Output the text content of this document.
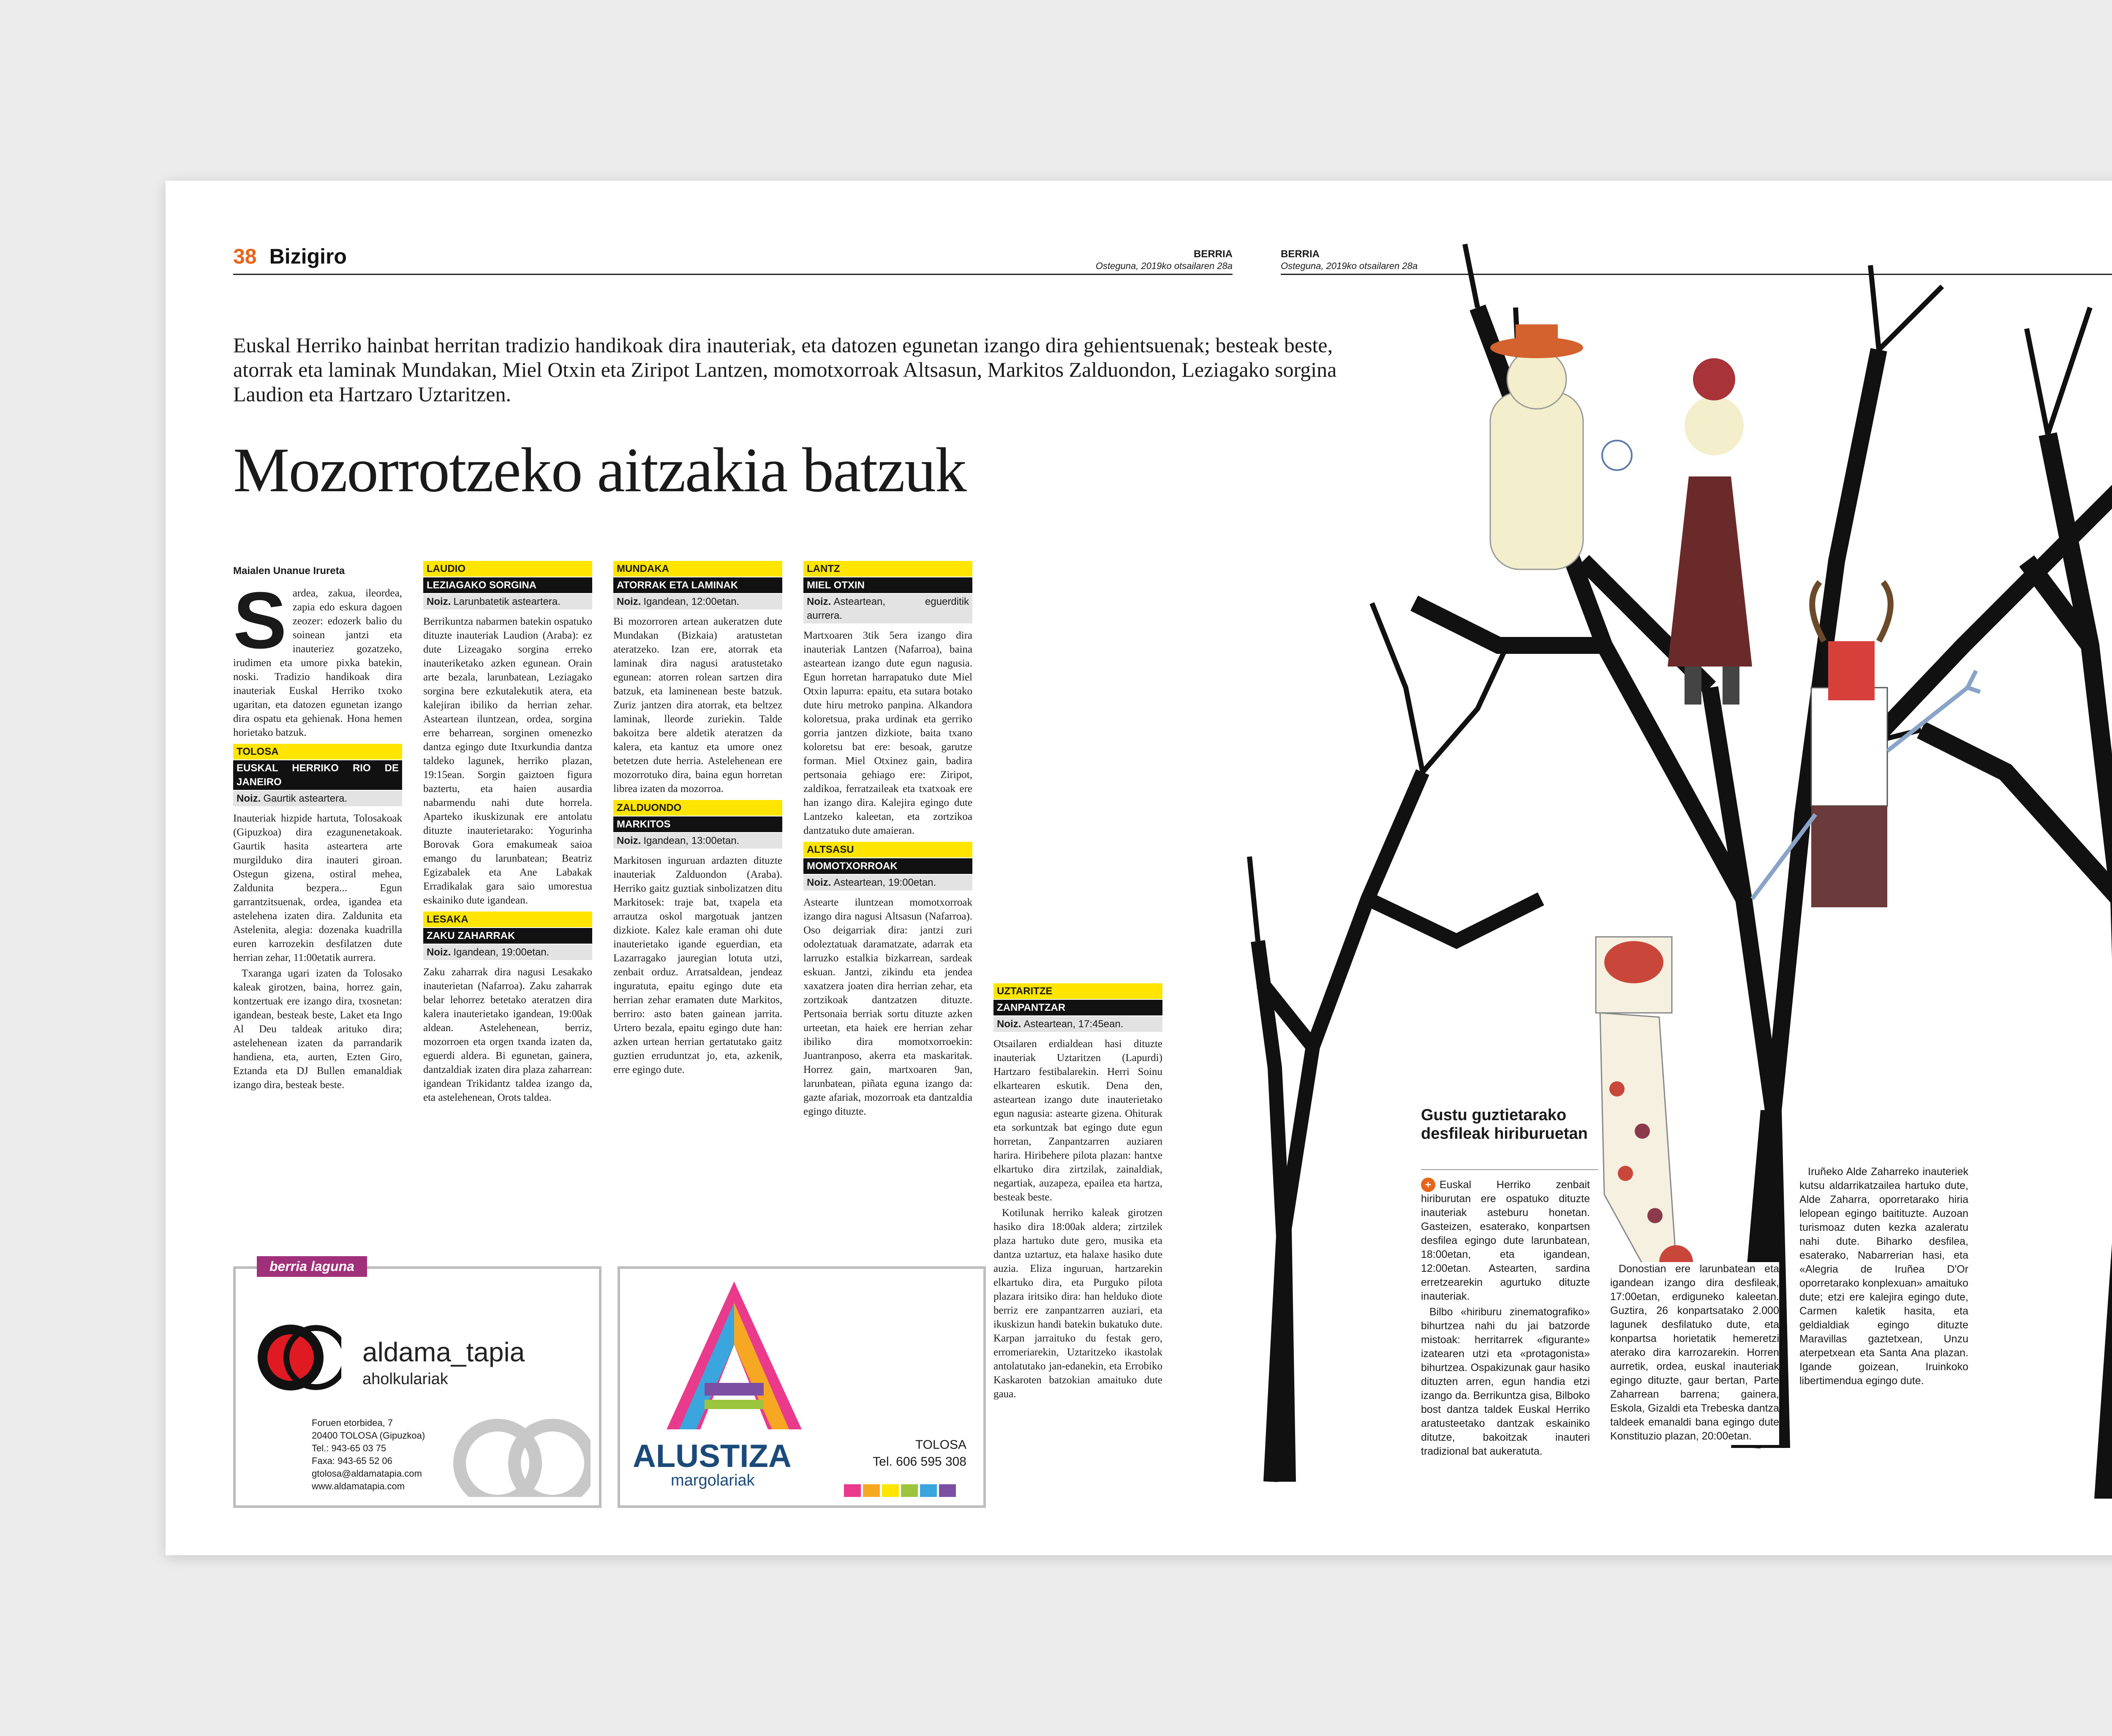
38 Bizigiro	BERRIA
Osteguna, 2019ko otsailaren 28a
Euskal Herriko hainbat herritan tradizio handikoak dira inauteriak, eta datozen egunetan izango dira gehientsuenak; besteak beste, atorrak eta laminak Mundakan, Miel Otxin eta Ziripot Lantzen, momotxorroak Altsasun, Markitos Zalduondon, Leziagako sorgina Laudion eta Hartzaro Uztaritzen.
Mozorrotzeko aitzakia batzuk
Maialen Unanue Irureta

Sardea, zakua, ileordea, zapia edo eskura dagoen zeozer: edozerk balio du soinean jantzi eta inauteriez gozatzeko, irudimen eta umore pixka batekin, noski. Tradizio handikoak dira inauteriak Euskal Herriko txoko ugaritan, eta datozen egunetan izango dira ospatu eta gehienak. Hona hemen horietako batzuk.

TOLOSA
EUSKAL HERRIKO RIO DE JANEIRO
Noiz. Gaurtik asteartera.

Inauteriak hizpide hartuta, Tolosakoak (Gipuzkoa) dira ezagunenetakoak. Gaurtik hasita asteartera arte murgilduko dira inauteri giroan. Ostegun gizena, ostiral mehea, Zaldunita bezpera... Egun garrantzitsuenak, ordea, igandea eta astelehena izaten dira. Zaldunita eta Astelenita, alegia: dozenaka kuadrilla euren karrozekin desfilatzen dute herrian zehar, 11:00etatik aurrera.

Txaranga ugari izaten da Tolosako kaleak girotzen, baina, horrez gain, kontzertuak ere izango dira, txosnetan: igandean, besteak beste, Laket eta Ingo Al Deu taldeak arituko dira; astelehenean izaten da parrandarik handiena, eta, aurten, Ezten Giro, Eztanda eta DJ Bullen emanaldiak izango dira, besteak beste.

LAUDIO
LEZIAGAKO SORGINA
Noiz. Larunbatetik asteartera.

Berrikuntza nabarmen batekin ospatuko dituzte inauteriak Laudion (Araba): ez dute Lizeagako sorgina erreko inauteriketako azken egunean. Orain arte bezala, larunbatean, Leziagako sorgina bere ezkutalekutik atera, eta kalejiran ibiliko da herrian zehar. Asteartean iluntzean, ordea, sorgina erre beharrean, sorginen omenezko dantza egingo dute Itxurkundia dantza taldeko lagunek, herriko plazan, 19:15ean. Sorgin gaiztoen figura baztertu, eta haien ausardia nabarmendu nahi dute horrela. Aparteko ikuskizunak ere antolatu dituzte inauterietarako: Yogurinha Borovak Gora emakumeak saioa emango du larunbatean; Beatriz Egizabalek eta Ane Labakak Erradikalak gara saio umorestua eskainiko dute igandean.

LESAKA
ZAKU ZAHARRAK
Noiz. Igandean, 19:00etan.

Zaku zaharrak dira nagusi Lesakako inauterietan (Nafarroa). Zaku zaharrak belar lehorrez betetako ateratzen dira kalera inauterietako igandean, 19:00ak aldean. Astelehenean, berriz, mozorroen eta orgen txanda izaten da, eguerdi aldera. Bi egunetan, gainera, dantzaldiak izaten dira plaza zaharrean: igandean Trikidantz taldea izango da, eta astelehenean, Orots taldea.

MUNDAKA
ATORRAK ETA LAMINAK
Noiz. Igandean, 12:00etan.

Bi mozorroren artean aukeratzen dute Mundakan (Bizkaia) aratustetan ateratzeko. Izan ere, atorrak eta laminak dira nagusi aratustetako egunean: atorren rolean sartzen dira batzuk, eta laminenean beste batzuk. Zuriz jantzen dira atorrak, eta beltzez laminak, lleorde zuriekin. Talde bakoitza bere aldetik ateratzen da kalera, eta kantuz eta umore onez betetzen dute herria. Astelehenean ere mozorrotuko dira, baina egun horretan librea izaten da mozorroa.

ZALDUONDO
MARKITOS
Noiz. Igandean, 13:00etan.

Markitosen inguruan ardazten dituzte inauteriak Zalduondon (Araba). Herriko gaitz guztiak sinbolizatzen ditu Markitosek: traje bat, txapela eta arrautza oskol margotuak jantzen dizkiote. Kalez kale eraman ohi dute inauterietako igande eguerdian, eta Lazarragako jauregian lotuta utzi, zenbait orduz. Arratsaldean, jendeaz inguratuta, epaitu egingo dute eta herrian zehar eramaten dute Markitos, berriro: asto baten gainean jarrita. Urtero bezala, epaitu egingo dute han: azken urtean herrian gertatutako gaitz guztien erruduntzat jo, eta, azkenik, erre egingo dute.

LANTZ
MIEL OTXIN
Noiz. Asteartean, eguerditik aurrera.

Martxoaren 3tik 5era izango dira inauteriak Lantzen (Nafarroa), baina asteartean izango dute egun nagusia. Egun horretan harrapatuko dute Miel Otxin lapurra: epaitu, eta sutara botako dute hiru metroko panpina. Alkandora koloretsua, praka urdinak eta gerriko gorria jantzen dizkiote, baita txano koloretsu bat ere: besoak, garutze forman. Miel Otxinez gain, badira pertsonaia gehiago ere: Ziripot, zaldikoa, ferratzaileak eta txatxoak ere han izango dira. Kalejira egingo dute Lantzeko kaleetan, eta zortzikoa dantzatuko dute amaieran.

ALTSASU
MOMOTXORROAK
Noiz. Asteartean, 19:00etan.

Astearte iluntzean momotxorroak izango dira nagusi Altsasun (Nafarroa). Oso deigarriak dira: jantzi zuri odoleztatuak daramatzate, adarrak eta larruzko estalkia bizkarrean, sardeak eskuan. Jantzi, zikindu eta jendea xaxatzera joaten dira herrian zehar, eta zortzikoak dantzatzen dituzte. Pertsonaia berriak sortu dituzte azken urteetan, eta haiek ere herrian zehar ibiliko dira momotxorroekin: Juantranposo, akerra eta maskaritak. Horrez gain, martxoaren 9an, larunbatean, piñata eguna izango da: gazte afariak, mozorroak eta dantzaldia egingo dituzte.

UZTARITZE
ZANPANTZAR
Noiz. Asteartean, 17:45ean.

Otsailaren erdialdean hasi dituzte inauteriak Uztaritzen (Lapurdi) Hartzaro festibalarekin. Herri Soinu elkartearen eskutik. Dena den, asteartean izango dute inauterietako egun nagusia: astearte gizena. Ohiturak eta sorkuntzak bat egingo dute egun horretan, Zanpantzarren auziaren harira. Hiribehere pilota plazan: hantxe elkartuko dira zirtzilak, zainaldiak, negartiak, auzapeza, epailea eta hartza, besteak beste.

Kotilunak herriko kaleak girotzen hasiko dira 18:00ak aldera; zirtzilek plaza hartuko dute gero, musika eta dantza uztartuz, eta halaxe hasiko dute auzia. Eliza inguruan, hartzarekin elkartuko dira, eta Purguko pilota plazara iritsiko dira: han helduko diote berriz ere zanpantzarren auziari, eta ikuskizun handi batekin bukatuko dute. Karpan jarraituko du festak gero, erromeriarekin, Uztaritzeko ikastolak antolatutako jan-edanekin, eta Errobiko Kaskaroten batzokian amaituko dute gaua.

berria laguna
aldama_tapia
aholkulariak
Foruen etorbidea, 7
20400 TOLOSA (Gipuzkoa)
Tel.: 943-65 03 75
Faxa: 943-65 52 06
gtolosa@aldamatapia.com
www.aldamatapia.com
ALUSTIZA
margolariak
TOLOSA
Tel. 606 595 308
BERRIA
Osteguna, 2019ko otsailaren 28a
Gustu guztietarako desfileak hiriburuetan

+ Euskal Herriko zenbait hiriburutan ere ospatuko dituzte inauteriak asteburu honetan. Gasteizen, esaterako, konpartsen desfilea egingo dute larunbatean, 18:00etan, eta igandean, 12:00etan. Astearten, sardina erretzearekin agurtuko dituzte inauteriak.

Bilbo «hiriburu zinematografiko» bihurtzea nahi du jai batzorde mistoak: herritarrek «figurante» izatearen utzi eta «protagonista» bihurtzea. Ospakizunak gaur hasiko dituzten arren, egun handia etzi izango da. Berrikuntza gisa, Bilboko bost dantza taldek Euskal Herriko aratusteetako dantzak eskainiko ditutze, bakoitzak inauteri tradizional bat aukeratuta.

Donostian ere larunbatean eta igandean izango dira desfileak, 17:00etan, erdiguneko kaleetan. Guztira, 26 konpartsatako 2.000 lagunek desfilatuko dute, eta konpartsa horietatik hemeretzi aterako dira karrozarekin. Horren aurretik, ordea, euskal inauteriak egingo dituzte, gaur bertan, Parte Zaharrean barrena; gainera, Eskola, Gizaldi eta Trebeska dantza taldeek emanaldi bana egingo dute Konstituzio plazan, 20:00etan.

Iruñeko Alde Zaharreko inauteriek kutsu aldarrikatzailea hartuko dute, Alde Zaharra, oporretarako hiria lelopean egingo baitituzte. Auzoan turismoaz duten kezka azaleratu nahi dute. Biharko desfilea, esaterako, Nabarrerian hasi, eta «Alegria de Iruñea D'Or oporretarako konplexuan» amaituko dute; etzi ere kalejira egingo dute, Carmen kaletik hasita, eta geldialdiak egingo dituzte Maravillas gaztetxean, Unzu aterpetxean eta Santa Ana plazan. Igande goizean, Iruinkoko libertimendua egingo dute.
